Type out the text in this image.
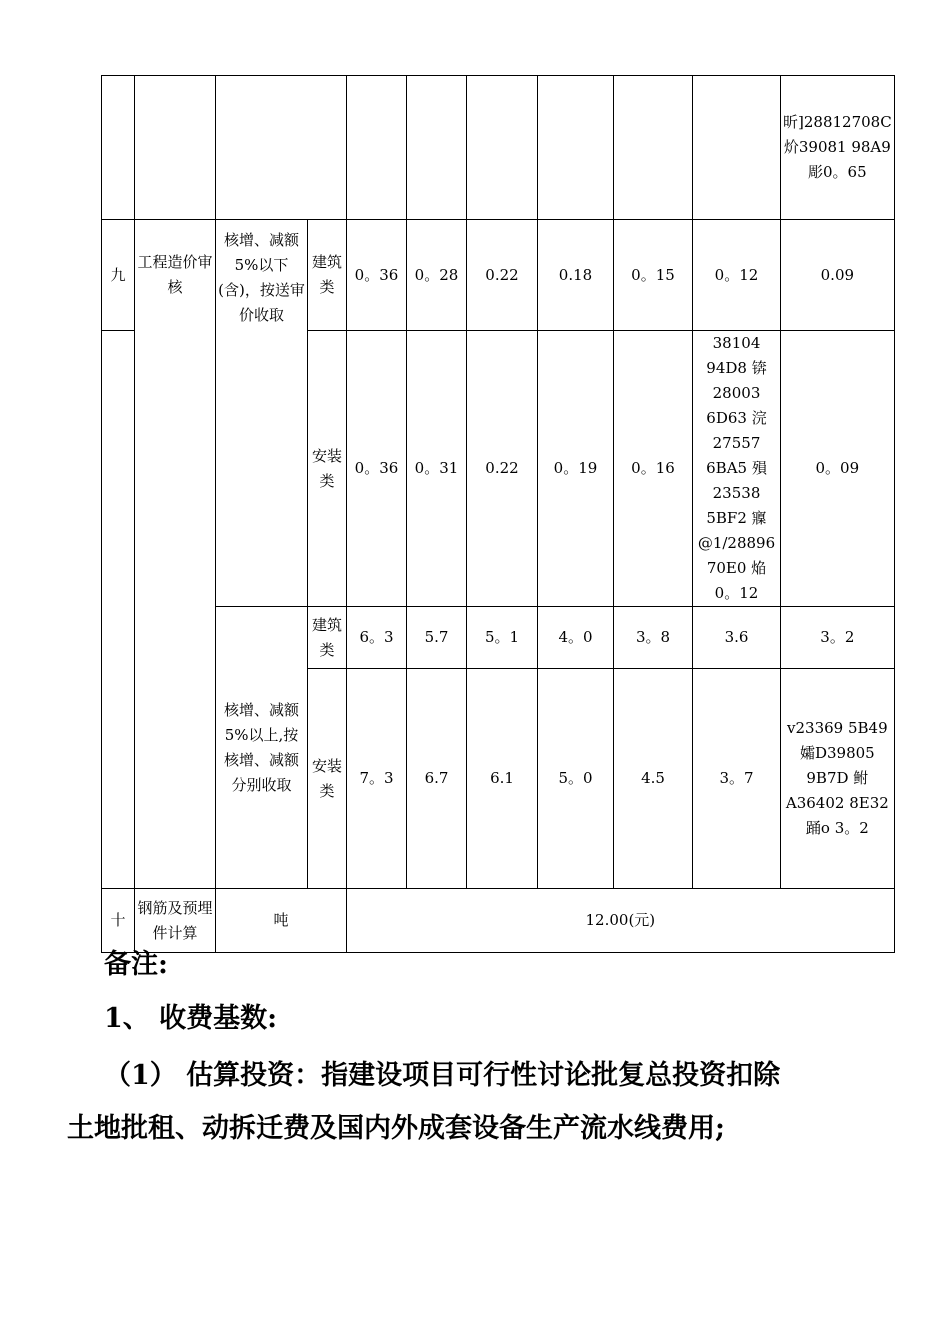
										昕]28812708C 炌39081 98A9 彫0。65
九	工程造价审核	核增、减额5%以下(含)，按送审价收取	建筑类	0。36	0。28	0.22	0.18	0。15	0。12	0.09
			安装类	0。36	0。31	0.22	0。19	0。16	38104 94D8 锛28003 6D63 浣27557 6BA5 殞23538 5BF2 寱@1/28896 70E0 焔 0。12	0。09
		核增、减额5%以上,按核增、减额分别收取	建筑类	6。3	5.7	5。1	4。0	3。8	3.6	3。2
			安装类	7。3	6.7	6.1	5。0	4.5	3。7	v23369 5B49 孀D39805 9B7D 鲋A36402 8E32 踊o 3。2
十	钢筋及预埋件计算	吨		12.00(元)						

备注:

1、 收费基数:

（1） 估算投资：指建设项目可行性讨论批复总投资扣除

土地批租、动拆迁费及国内外成套设备生产流水线费用;
